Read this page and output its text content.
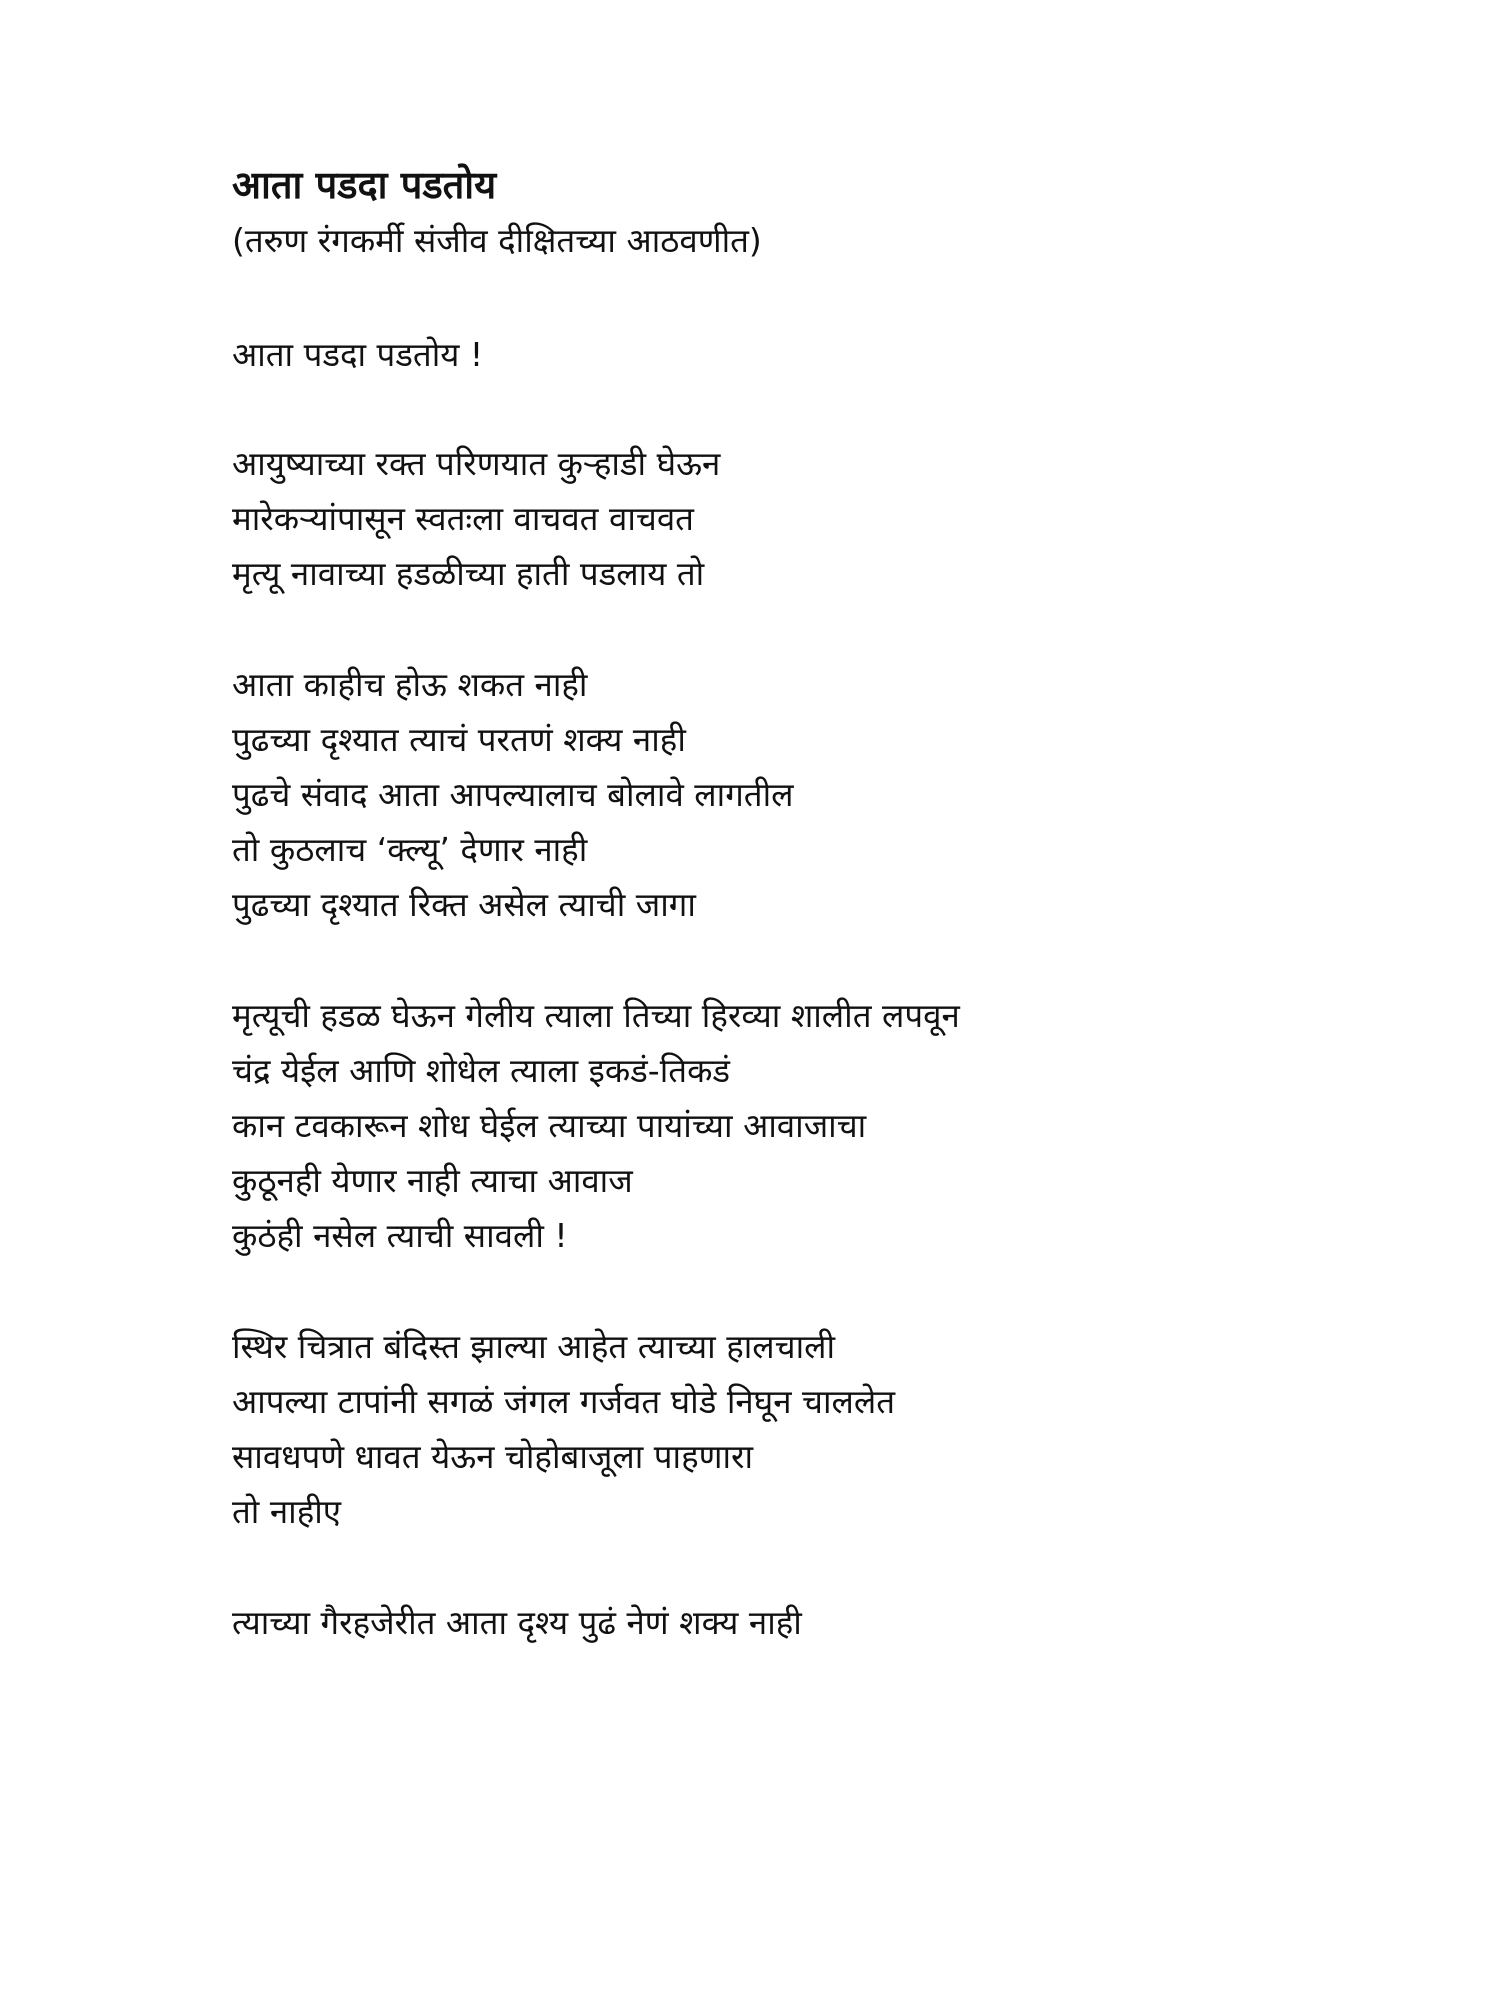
आता पडदा पडतोय
(तरुण रंगकर्मी संजीव दीक्षितच्या आठवणीत)
आता पडदा पडतोय !
आयुष्याच्या रक्त परिणयात कुऱ्हाडी घेऊन
मारेकऱ्यांपासून स्वतःला वाचवत वाचवत
मृत्यू नावाच्या हडळीच्या हाती पडलाय तो
आता काहीच होऊ शकत नाही
पुढच्या दृश्यात त्याचं परतणं शक्य नाही
पुढचे संवाद आता आपल्यालाच बोलावे लागतील
तो कुठलाच ‘क्ल्यू’ देणार नाही
पुढच्या दृश्यात रिक्त असेल त्याची जागा
मृत्यूची हडळ घेऊन गेलीय त्याला तिच्या हिरव्या शालीत लपवून
चंद्र येईल आणि शोधेल त्याला इकडं-तिकडं
कान टवकारून शोध घेईल त्याच्या पायांच्या आवाजाचा
कुठूनही येणार नाही त्याचा आवाज
कुठंही नसेल त्याची सावली !
स्थिर चित्रात बंदिस्त झाल्या आहेत त्याच्या हालचाली
आपल्या टापांनी सगळं जंगल गर्जवत घोडे निघून चाललेत
सावधपणे धावत येऊन चोहोबाजूला पाहणारा
तो नाहीए
त्याच्या गैरहजेरीत आता दृश्य पुढं नेणं शक्य नाही
